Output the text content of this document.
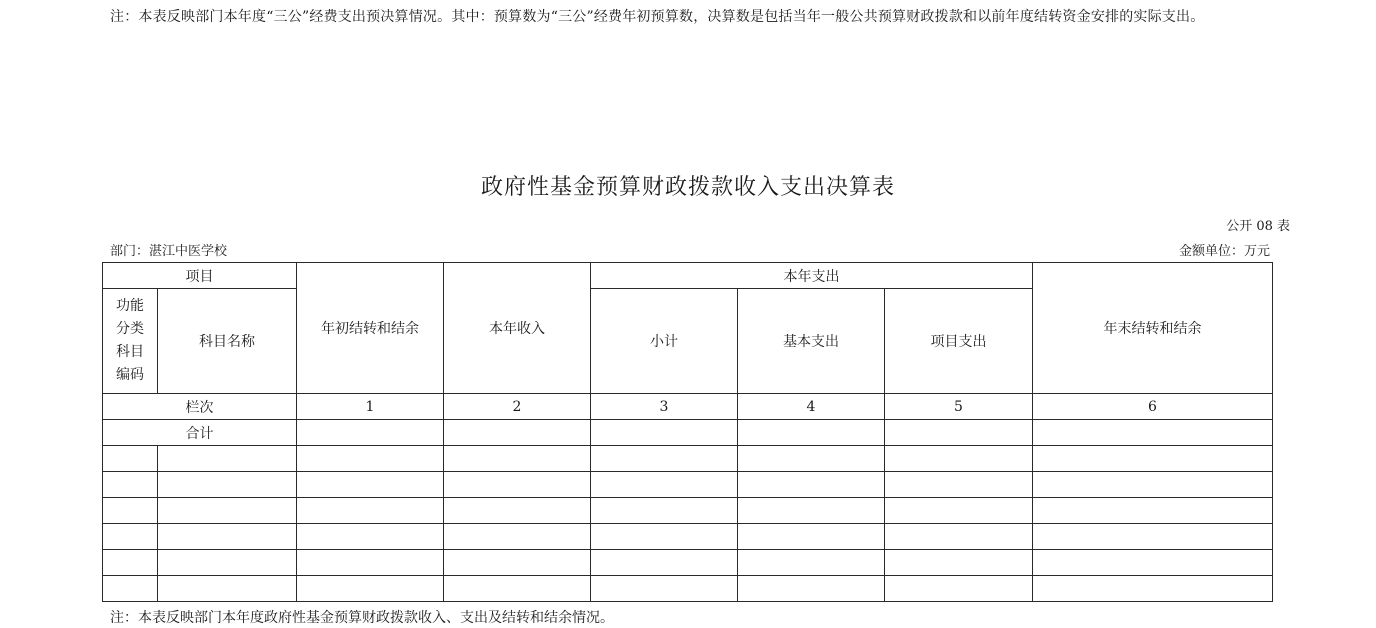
注：本表反映部门本年度“三公”经费支出预决算情况。其中：预算数为“三公”经费年初预算数，决算数是包括当年一般公共预算财政拨款和以前年度结转资金安排的实际支出。
政府性基金预算财政拨款收入支出决算表
公开 08 表
部门：湛江中医学校	金额单位：万元
项目		年初结转和结余	本年收入	本年支出			年末结转和结余

功能分类科目编码	科目名称			小计	基本支出	项目支出	
栏次		1	2	3	4	5	6
合计							

注：本表反映部门本年度政府性基金预算财政拨款收入、支出及结转和结余情况。
